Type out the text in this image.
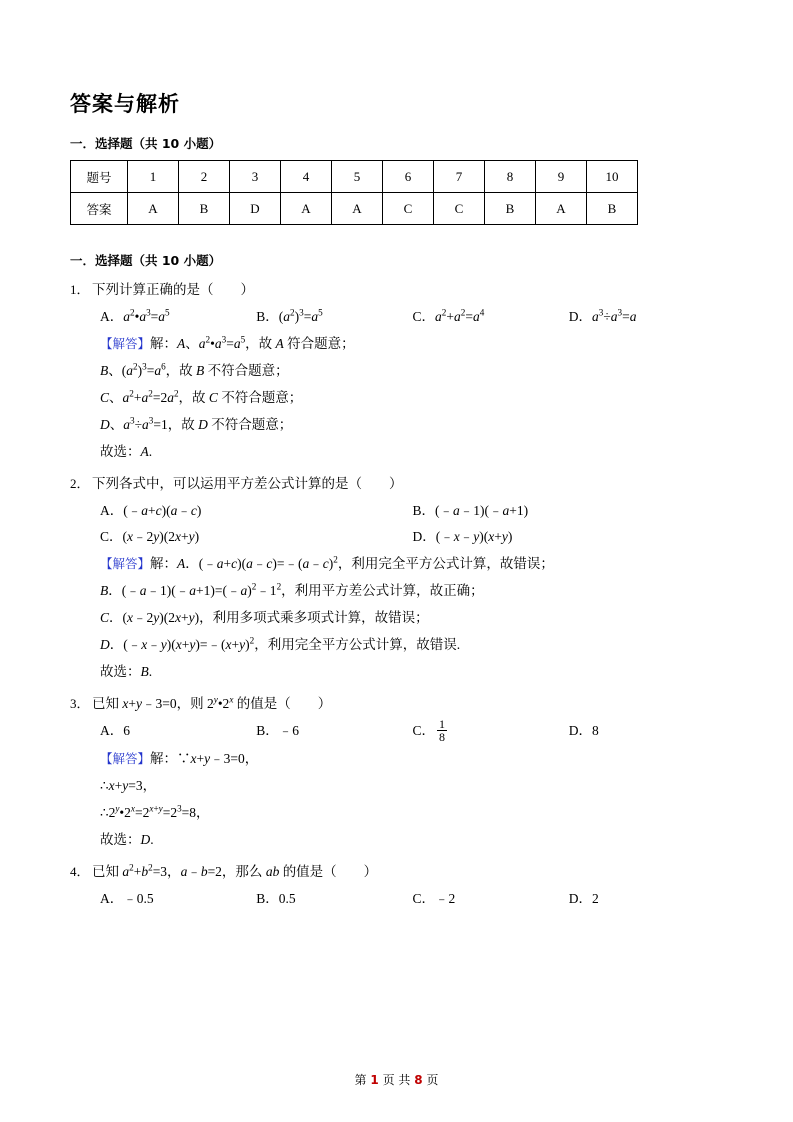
答案与解析
一．选择题（共 10 小题）
题号	1	2	3	4	5	6	7	8	9	10
答案	A	B	D	A	A	C	C	B	A	B
一．选择题（共 10 小题）
1． 下列计算正确的是（　　）
A．$a^2•a^3=a^5$	B．$(a^2)^3=a^5$	C．$a^2+a^2=a^4$	D．$a^3\div a^3=a$
【解答】解：A、$a^2•a^3=a^5$，故 A 符合题意；
B、$(a^2)^3=a^6$，故 B 不符合题意；
C、$a^2+a^2=2a^2$，故 C 不符合题意；
D、$a^3\div a^3=1$，故 D 不符合题意；
故选：A.
2． 下列各式中，可以运用平方差公式计算的是（　　）
A．(﹣a+c)(a﹣c)	B．(﹣a﹣1)(﹣a+1)
C．(x﹣2y)(2x+y)	D．(﹣x﹣y)(x+y)
【解答】解：A．(﹣a+c)(a﹣c)=﹣(a﹣c)$^2$，利用完全平方公式计算，故错误；
B．$(﹣a﹣1)(﹣a+1)=(﹣a)^2﹣1^2$，利用平方差公式计算，故正确；
C．(x﹣2y)(2x+y)，利用多项式乘多项式计算，故错误；
D．$(﹣x﹣y)(x+y)=﹣(x+y)^2$，利用完全平方公式计算，故错误.
故选：B.
3． 已知 x+y﹣3=0，则 2$^y$•2$^x$ 的值是（　　）
A．6	B．﹣6	C． $\frac{1}{8}$	D．8
【解答】解：∵x+y﹣3=0，
∴x+y=3，
$\therefore 2^y•2^x=2^{x+y}=2^3=8$，
故选：D.
4． 已知 $a^2+b^2=3$，a﹣b=2，那么 ab 的值是（　　）
A．﹣0.5	B．0.5	C．﹣2	D．2
第 1 页 共 8 页
